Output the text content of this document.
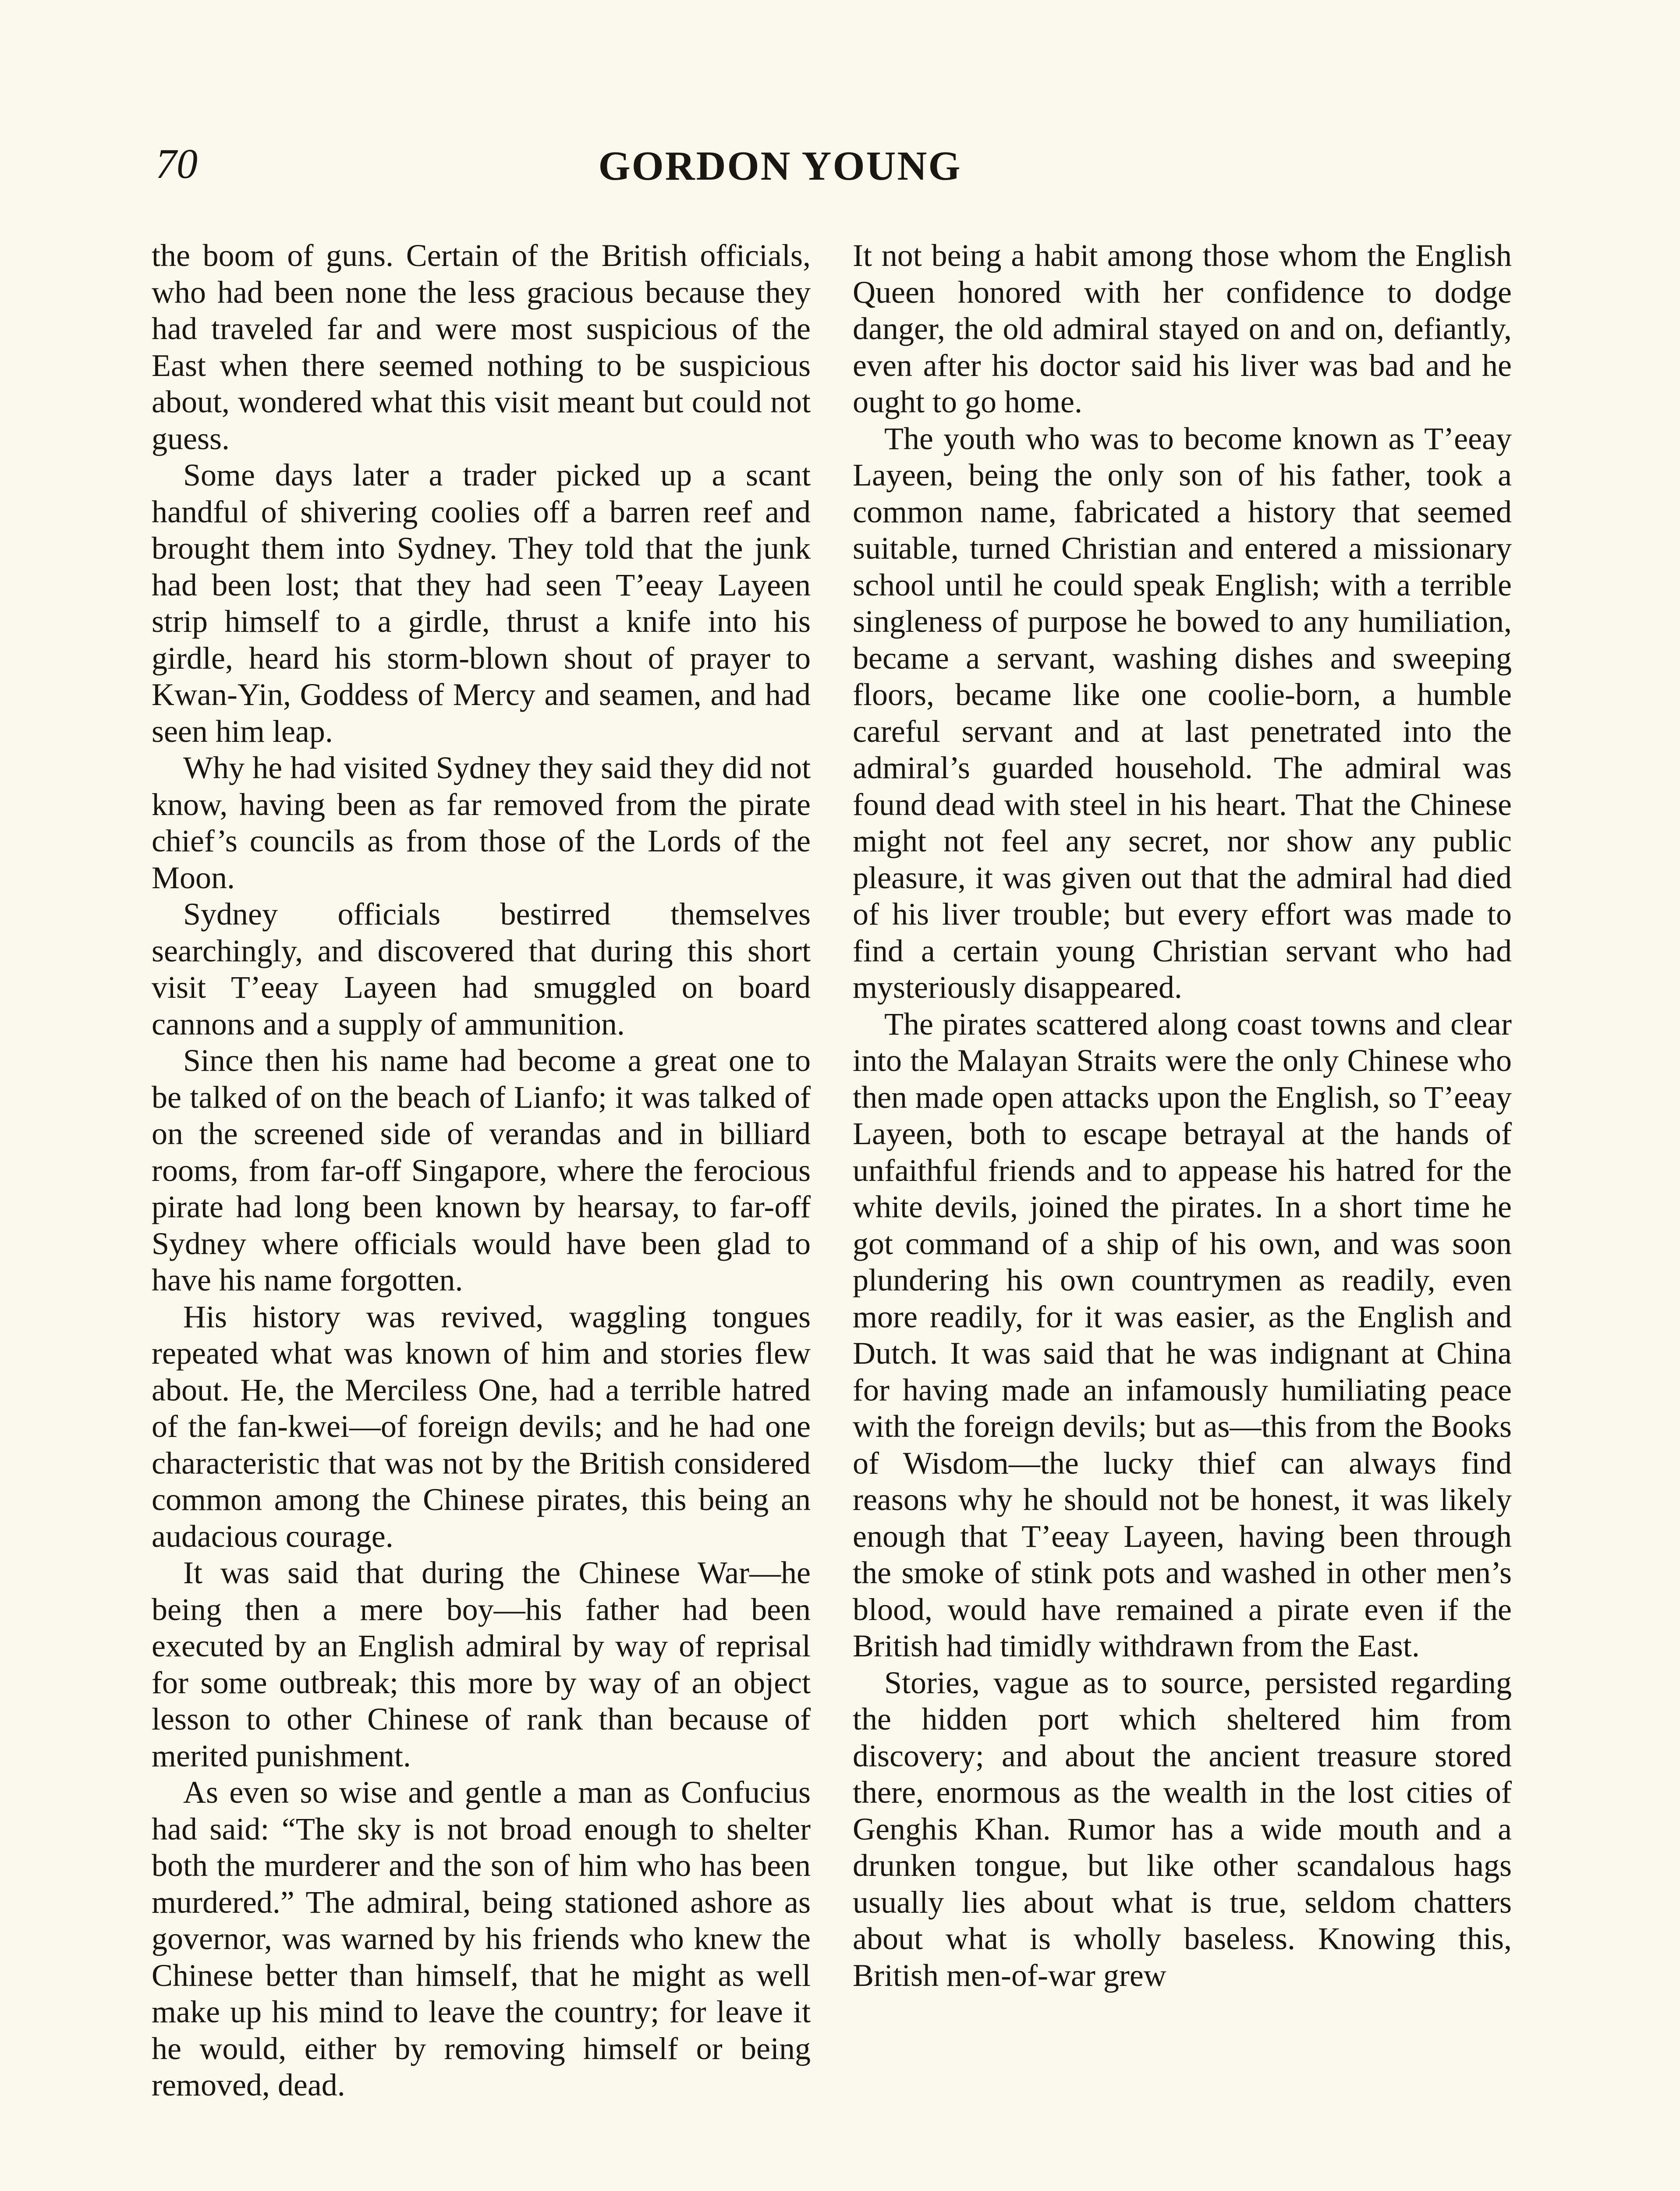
70	GORDON YOUNG

the boom of guns. Certain of the British officials, who had been none the less gracious because they had traveled far and were most suspicious of the East when there seemed nothing to be suspicious about, wondered what this visit meant but could not guess.

Some days later a trader picked up a scant handful of shivering coolies off a barren reef and brought them into Sydney. They told that the junk had been lost; that they had seen T’eeay Layeen strip himself to a girdle, thrust a knife into his girdle, heard his storm-blown shout of prayer to Kwan-Yin, Goddess of Mercy and seamen, and had seen him leap.

Why he had visited Sydney they said they did not know, having been as far removed from the pirate chief’s councils as from those of the Lords of the Moon.

Sydney officials bestirred themselves searchingly, and discovered that during this short visit T’eeay Layeen had smuggled on board cannons and a supply of ammunition.

Since then his name had become a great one to be talked of on the beach of Lianfo; it was talked of on the screened side of verandas and in billiard rooms, from far-off Singapore, where the ferocious pirate had long been known by hearsay, to far-off Sydney where officials would have been glad to have his name forgotten.

His history was revived, waggling tongues repeated what was known of him and stories flew about. He, the Merciless One, had a terrible hatred of the fan-kwei—of foreign devils; and he had one characteristic that was not by the British considered common among the Chinese pirates, this being an audacious courage.

It was said that during the Chinese War—he being then a mere boy—his father had been executed by an English admiral by way of reprisal for some outbreak; this more by way of an object lesson to other Chinese of rank than because of merited punishment.

As even so wise and gentle a man as Confucius had said: “The sky is not broad enough to shelter both the murderer and the son of him who has been murdered.” The admiral, being stationed ashore as governor, was warned by his friends who knew the Chinese better than himself, that he might as well make up his mind to leave the country; for leave it he would, either by removing himself or being removed, dead.

It not being a habit among those whom the English Queen honored with her confidence to dodge danger, the old admiral stayed on and on, defiantly, even after his doctor said his liver was bad and he ought to go home.

The youth who was to become known as T’eeay Layeen, being the only son of his father, took a common name, fabricated a history that seemed suitable, turned Christian and entered a missionary school until he could speak English; with a terrible singleness of purpose he bowed to any humiliation, became a servant, washing dishes and sweeping floors, became like one coolie-born, a humble careful servant and at last penetrated into the admiral’s guarded household. The admiral was found dead with steel in his heart. That the Chinese might not feel any secret, nor show any public pleasure, it was given out that the admiral had died of his liver trouble; but every effort was made to find a certain young Christian servant who had mysteriously disappeared.

The pirates scattered along coast towns and clear into the Malayan Straits were the only Chinese who then made open attacks upon the English, so T’eeay Layeen, both to escape betrayal at the hands of unfaithful friends and to appease his hatred for the white devils, joined the pirates. In a short time he got command of a ship of his own, and was soon plundering his own countrymen as readily, even more readily, for it was easier, as the English and Dutch. It was said that he was indignant at China for having made an infamously humiliating peace with the foreign devils; but as—this from the Books of Wisdom—the lucky thief can always find reasons why he should not be honest, it was likely enough that T’eeay Layeen, having been through the smoke of stink pots and washed in other men’s blood, would have remained a pirate even if the British had timidly withdrawn from the East.

Stories, vague as to source, persisted regarding the hidden port which sheltered him from discovery; and about the ancient treasure stored there, enormous as the wealth in the lost cities of Genghis Khan. Rumor has a wide mouth and a drunken tongue, but like other scandalous hags usually lies about what is true, seldom chatters about what is wholly baseless. Knowing this, British men-of-war grew
